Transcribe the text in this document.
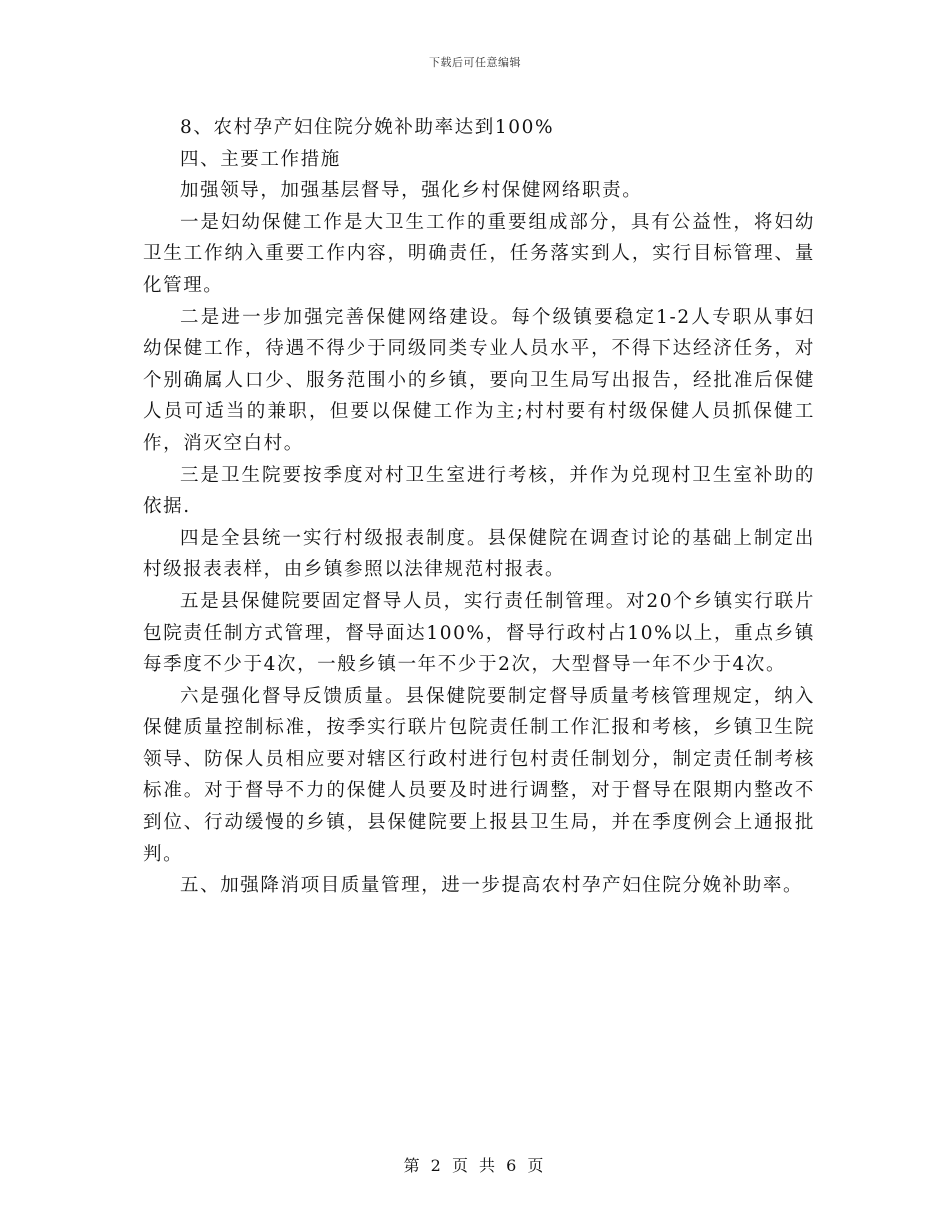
下载后可任意编辑

8、农村孕产妇住院分娩补助率达到100%

四、主要工作措施

加强领导，加强基层督导，强化乡村保健网络职责。

一是妇幼保健工作是大卫生工作的重要组成部分，具有公益性，将妇幼卫生工作纳入重要工作内容，明确责任，任务落实到人，实行目标管理、量化管理。

二是进一步加强完善保健网络建设。每个级镇要稳定1-2人专职从事妇幼保健工作，待遇不得少于同级同类专业人员水平，不得下达经济任务，对个别确属人口少、服务范围小的乡镇，要向卫生局写出报告，经批准后保健人员可适当的兼职，但要以保健工作为主;村村要有村级保健人员抓保健工作，消灭空白村。

三是卫生院要按季度对村卫生室进行考核，并作为兑现村卫生室补助的依据.

四是全县统一实行村级报表制度。县保健院在调查讨论的基础上制定出村级报表表样，由乡镇参照以法律规范村报表。

五是县保健院要固定督导人员，实行责任制管理。对20个乡镇实行联片包院责任制方式管理，督导面达100%，督导行政村占10%以上，重点乡镇每季度不少于4次，一般乡镇一年不少于2次，大型督导一年不少于4次。

六是强化督导反馈质量。县保健院要制定督导质量考核管理规定，纳入保健质量控制标准，按季实行联片包院责任制工作汇报和考核，乡镇卫生院领导、防保人员相应要对辖区行政村进行包村责任制划分，制定责任制考核标准。对于督导不力的保健人员要及时进行调整，对于督导在限期内整改不到位、行动缓慢的乡镇，县保健院要上报县卫生局，并在季度例会上通报批判。

五、加强降消项目质量管理，进一步提高农村孕产妇住院分娩补助率。

第 2 页 共 6 页
